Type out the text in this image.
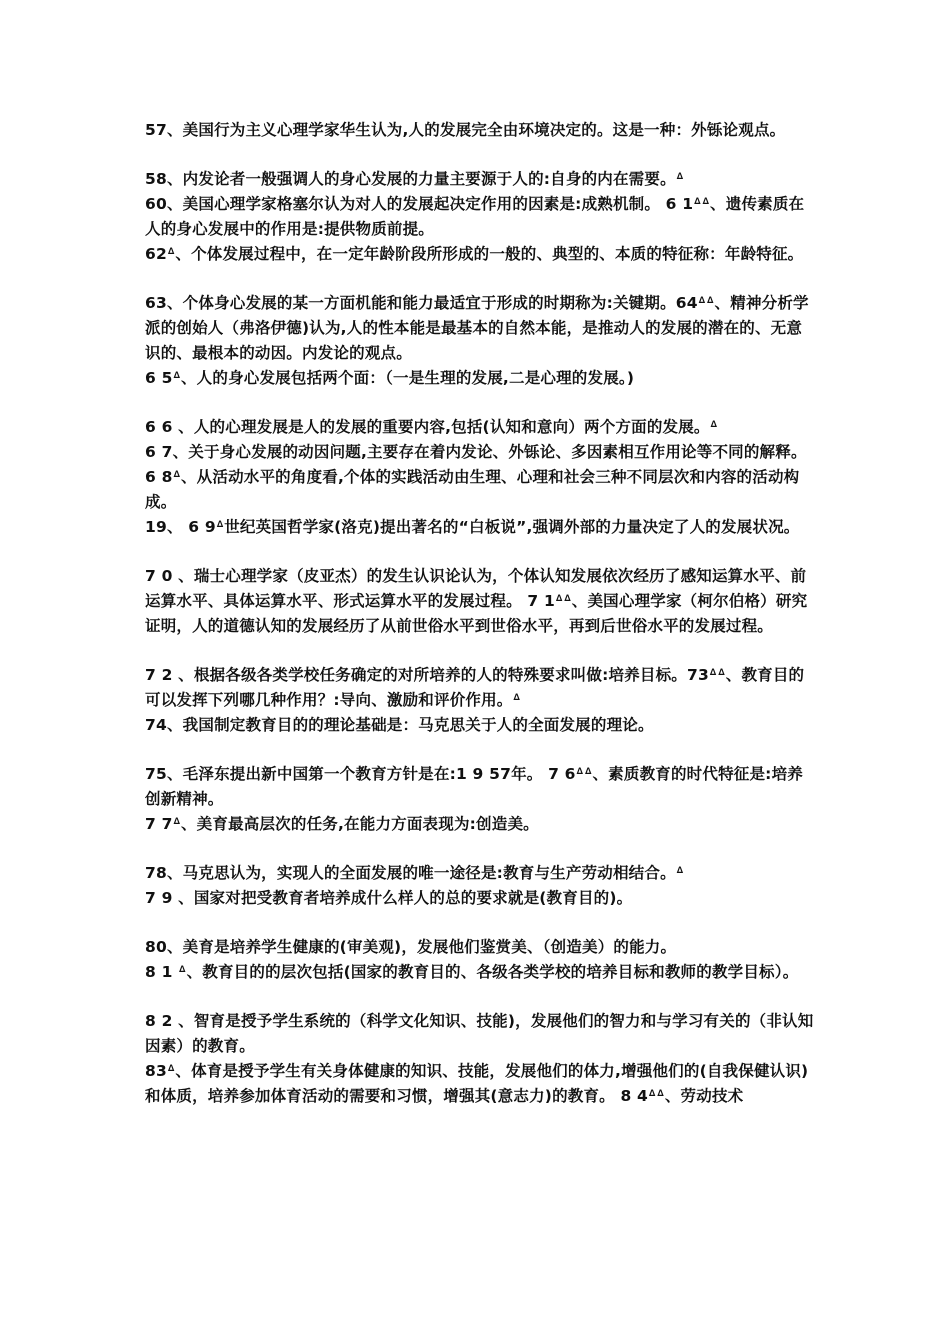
57、美国行为主义心理学家华生认为,人的发展完全由环境决定的。这是一种：外铄论观点。

58、内发论者一般强调人的身心发展的力量主要源于人的:自身的内在需要。ᐞ

60、美国心理学家格塞尔认为对人的发展起决定作用的因素是:成熟机制。 6 1ᐞᐞ、遗传素质在人的身心发展中的作用是:提供物质前提。

62ᐞ、个体发展过程中，在一定年龄阶段所形成的一般的、典型的、本质的特征称：年龄特征。

63、个体身心发展的某一方面机能和能力最适宜于形成的时期称为:关键期。64ᐞᐞ、精神分析学派的创始人（弗洛伊德)认为,人的性本能是最基本的自然本能，是推动人的发展的潜在的、无意识的、最根本的动因。内发论的观点。

6 5ᐞ、人的身心发展包括两个面：（一是生理的发展,二是心理的发展。)

6 6 、人的心理发展是人的发展的重要内容,包括(认知和意向）两个方面的发展。ᐞ

6 7、关于身心发展的动因问题,主要存在着内发论、外铄论、多因素相互作用论等不同的解释。

6 8ᐞ、从活动水平的角度看,个体的实践活动由生理、心理和社会三种不同层次和内容的活动构成。

19、 6 9ᐞ世纪英国哲学家(洛克)提出著名的“白板说”,强调外部的力量决定了人的发展状况。

7 0 、瑞士心理学家（皮亚杰）的发生认识论认为，个体认知发展依次经历了感知运算水平、前运算水平、具体运算水平、形式运算水平的发展过程。 7 1ᐞᐞ、美国心理学家（柯尔伯格）研究证明，人的道德认知的发展经历了从前世俗水平到世俗水平，再到后世俗水平的发展过程。

7 2 、根据各级各类学校任务确定的对所培养的人的特殊要求叫做:培养目标。73ᐞᐞ、教育目的可以发挥下列哪几种作用？:导向、激励和评价作用。ᐞ

74、我国制定教育目的的理论基础是：马克思关于人的全面发展的理论。

75、毛泽东提出新中国第一个教育方针是在:1 9 57年。 7 6ᐞᐞ、素质教育的时代特征是:培养创新精神。

7 7ᐞ、美育最高层次的任务,在能力方面表现为:创造美。

78、马克思认为，实现人的全面发展的唯一途径是:教育与生产劳动相结合。ᐞ

7 9 、国家对把受教育者培养成什么样人的总的要求就是(教育目的)。

80、美育是培养学生健康的(审美观)，发展他们鉴赏美、（创造美）的能力。

8 1 ᐞ、教育目的的层次包括(国家的教育目的、各级各类学校的培养目标和教师的教学目标）。

8 2 、智育是授予学生系统的（科学文化知识、技能)，发展他们的智力和与学习有关的（非认知因素）的教育。

83ᐞ、体育是授予学生有关身体健康的知识、技能，发展他们的体力,增强他们的(自我保健认识)和体质，培养参加体育活动的需要和习惯，增强其(意志力)的教育。 8 4ᐞᐞ、劳动技术
